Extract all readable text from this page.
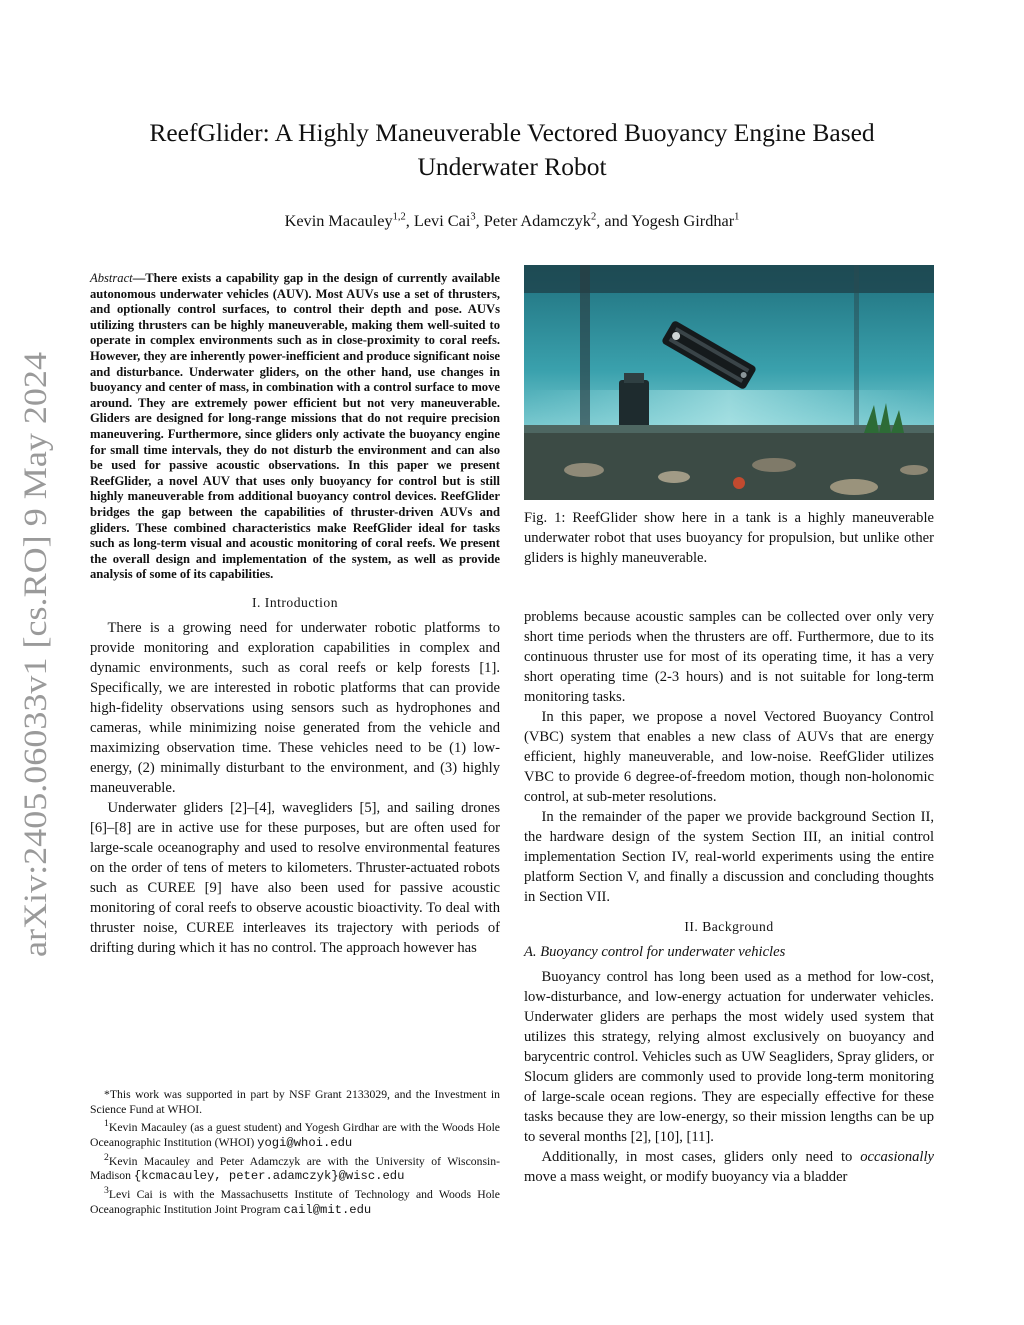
arXiv:2405.06033v1 [cs.RO] 9 May 2024
ReefGlider: A Highly Maneuverable Vectored Buoyancy Engine Based Underwater Robot
Kevin Macauley$^{1,2}$, Levi Cai$^3$, Peter Adamczyk$^2$, and Yogesh Girdhar$^1$
Abstract—There exists a capability gap in the design of currently available autonomous underwater vehicles (AUV). Most AUVs use a set of thrusters, and optionally control surfaces, to control their depth and pose. AUVs utilizing thrusters can be highly maneuverable, making them well-suited to operate in complex environments such as in close-proximity to coral reefs. However, they are inherently power-inefficient and produce significant noise and disturbance. Underwater gliders, on the other hand, use changes in buoyancy and center of mass, in combination with a control surface to move around. They are extremely power efficient but not very maneuverable. Gliders are designed for long-range missions that do not require precision maneuvering. Furthermore, since gliders only activate the buoyancy engine for small time intervals, they do not disturb the environment and can also be used for passive acoustic observations. In this paper we present ReefGlider, a novel AUV that uses only buoyancy for control but is still highly maneuverable from additional buoyancy control devices. ReefGlider bridges the gap between the capabilities of thruster-driven AUVs and gliders. These combined characteristics make ReefGlider ideal for tasks such as long-term visual and acoustic monitoring of coral reefs. We present the overall design and implementation of the system, as well as provide analysis of some of its capabilities.
I. Introduction

There is a growing need for underwater robotic platforms to provide monitoring and exploration capabilities in complex and dynamic environments, such as coral reefs or kelp forests [1]. Specifically, we are interested in robotic platforms that can provide high-fidelity observations using sensors such as hydrophones and cameras, while minimizing noise generated from the vehicle and maximizing observation time. These vehicles need to be (1) low-energy, (2) minimally disturbant to the environment, and (3) highly maneuverable.

Underwater gliders [2]–[4], wavegliders [5], and sailing drones [6]–[8] are in active use for these purposes, but are often used for large-scale oceanography and used to resolve environmental features on the order of tens of meters to kilometers. Thruster-actuated robots such as CUREE [9] have also been used for passive acoustic monitoring of coral reefs to observe acoustic bioactivity. To deal with thruster noise, CUREE interleaves its trajectory with periods of drifting during which it has no control. The approach however has

*This work was supported in part by NSF Grant 2133029, and the Investment in Science Fund at WHOI.
$^1$Kevin Macauley (as a guest student) and Yogesh Girdhar are with the Woods Hole Oceanographic Institution (WHOI) yogi@whoi.edu
$^2$Kevin Macauley and Peter Adamczyk are with the University of Wisconsin-Madison {kcmacauley, peter.adamczyk}@wisc.edu
$^3$Levi Cai is with the Massachusetts Institute of Technology and Woods Hole Oceanographic Institution Joint Program cail@mit.edu
Fig. 1: ReefGlider show here in a tank is a highly maneuverable underwater robot that uses buoyancy for propulsion, but unlike other gliders is highly maneuverable.

problems because acoustic samples can be collected over only very short time periods when the thrusters are off. Furthermore, due to its continuous thruster use for most of its operating time, it has a very short operating time (2-3 hours) and is not suitable for long-term monitoring tasks.

In this paper, we propose a novel Vectored Buoyancy Control (VBC) system that enables a new class of AUVs that are energy efficient, highly maneuverable, and low-noise. ReefGlider utilizes VBC to provide 6 degree-of-freedom motion, though non-holonomic control, at sub-meter resolutions.

In the remainder of the paper we provide background Section II, the hardware design of the system Section III, an initial control implementation Section IV, real-world experiments using the entire platform Section V, and finally a discussion and concluding thoughts in Section VII.

II. Background
A. Buoyancy control for underwater vehicles

Buoyancy control has long been used as a method for low-cost, low-disturbance, and low-energy actuation for underwater vehicles. Underwater gliders are perhaps the most widely used system that utilizes this strategy, relying almost exclusively on buoyancy and barycentric control. Vehicles such as UW Seagliders, Spray gliders, or Slocum gliders are commonly used to provide long-term monitoring of large-scale ocean regions. They are especially effective for these tasks because they are low-energy, so their mission lengths can be up to several months [2], [10], [11].

Additionally, in most cases, gliders only need to occasionally move a mass weight, or modify buoyancy via a bladder
